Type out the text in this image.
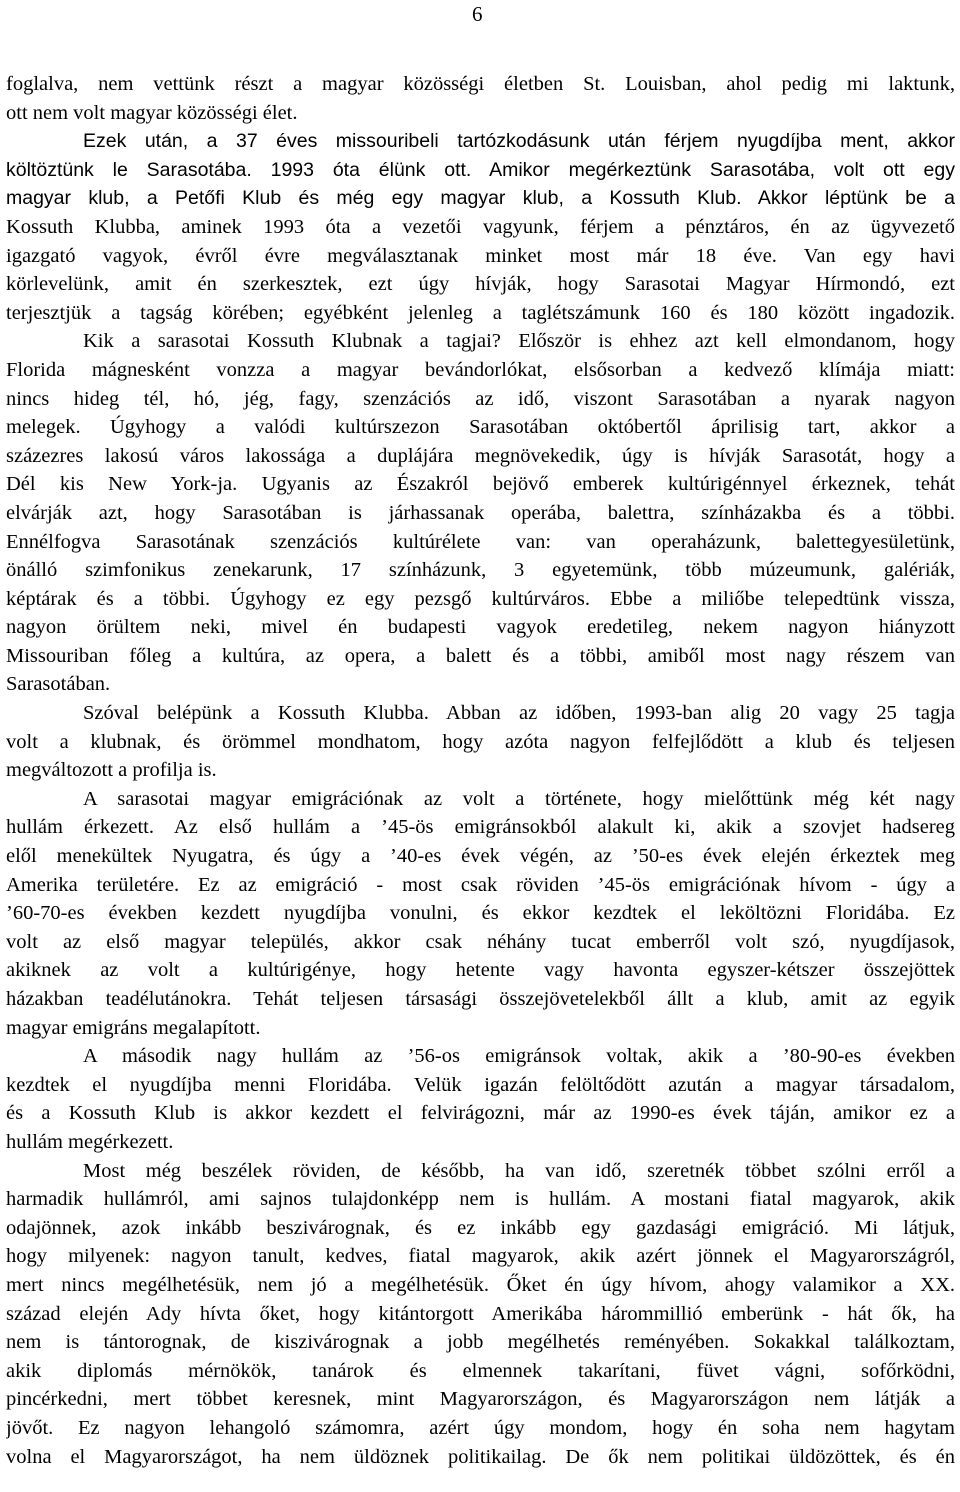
6

foglalva, nem vettünk részt a magyar közösségi életben St. Louisban, ahol pedig mi laktunk,

ott nem volt magyar közösségi élet.

Ezek után, a 37 éves missouribeli tartózkodásunk után férjem nyugdíjba ment, akkor

költöztünk le Sarasotába. 1993 óta élünk ott. Amikor megérkeztünk Sarasotába, volt ott egy

magyar klub, a Petőfi Klub és még egy magyar klub, a Kossuth Klub. Akkor léptünk be a

Kossuth Klubba, aminek 1993 óta a vezetői vagyunk, férjem a pénztáros, én az ügyvezető

igazgató vagyok, évről évre megválasztanak minket most már 18 éve. Van egy havi

körlevelünk, amit én szerkesztek, ezt úgy hívják, hogy Sarasotai Magyar Hírmondó, ezt

terjesztjük a tagság körében; egyébként jelenleg a taglétszámunk 160 és 180 között ingadozik.

Kik a sarasotai Kossuth Klubnak a tagjai? Először is ehhez azt kell elmondanom, hogy

Florida mágnesként vonzza a magyar bevándorlókat, elsősorban a kedvező klímája miatt:

nincs hideg tél, hó, jég, fagy, szenzációs az idő, viszont Sarasotában a nyarak nagyon

melegek. Úgyhogy a valódi kultúrszezon Sarasotában októbertől áprilisig tart, akkor a

százezres lakosú város lakossága a duplájára megnövekedik, úgy is hívják Sarasotát, hogy a

Dél kis New York-ja. Ugyanis az Északról bejövő emberek kultúrigénnyel érkeznek, tehát

elvárják azt, hogy Sarasotában is járhassanak operába, balettra, színházakba és a többi.

Ennélfogva Sarasotának szenzációs kultúrélete van: van operaházunk, balettegyesületünk,

önálló szimfonikus zenekarunk, 17 színházunk, 3 egyetemünk, több múzeumunk, galériák,

képtárak és a többi. Úgyhogy ez egy pezsgő kultúrváros. Ebbe a miliőbe telepedtünk vissza,

nagyon örültem neki, mivel én budapesti vagyok eredetileg, nekem nagyon hiányzott

Missouriban főleg a kultúra, az opera, a balett és a többi, amiből most nagy részem van

Sarasotában.

Szóval belépünk a Kossuth Klubba. Abban az időben, 1993-ban alig 20 vagy 25 tagja

volt a klubnak, és örömmel mondhatom, hogy azóta nagyon felfejlődött a klub és teljesen

megváltozott a profilja is.

A sarasotai magyar emigrációnak az volt a története, hogy mielőttünk még két nagy

hullám érkezett. Az első hullám a ’45-ös emigránsokból alakult ki, akik a szovjet hadsereg

elől menekültek Nyugatra, és úgy a ’40-es évek végén, az ’50-es évek elején érkeztek meg

Amerika területére. Ez az emigráció - most csak röviden ’45-ös emigrációnak hívom - úgy a

’60-70-es években kezdett nyugdíjba vonulni, és ekkor kezdtek el leköltözni Floridába. Ez

volt az első magyar település, akkor csak néhány tucat emberről volt szó, nyugdíjasok,

akiknek az volt a kultúrigénye, hogy hetente vagy havonta egyszer-kétszer összejöttek

házakban teadélutánokra. Tehát teljesen társasági összejövetelekből állt a klub, amit az egyik

magyar emigráns megalapított.

A második nagy hullám az ’56-os emigránsok voltak, akik a ’80-90-es években

kezdtek el nyugdíjba menni Floridába. Velük igazán felöltődött azután a magyar társadalom,

és a Kossuth Klub is akkor kezdett el felvirágozni, már az 1990-es évek táján, amikor ez a

hullám megérkezett.

Most még beszélek röviden, de később, ha van idő, szeretnék többet szólni erről a

harmadik hullámról, ami sajnos tulajdonképp nem is hullám. A mostani fiatal magyarok, akik

odajönnek, azok inkább beszivárognak, és ez inkább egy gazdasági emigráció. Mi látjuk,

hogy milyenek: nagyon tanult, kedves, fiatal magyarok, akik azért jönnek el Magyarországról,

mert nincs megélhetésük, nem jó a megélhetésük. Őket én úgy hívom, ahogy valamikor a XX.

század elején Ady hívta őket, hogy kitántorgott Amerikába hárommillió emberünk - hát ők, ha

nem is tántorognak, de kiszivárognak a jobb megélhetés reményében. Sokakkal találkoztam,

akik diplomás mérnökök, tanárok és elmennek takarítani, füvet vágni, sofőrködni,

pincérkedni, mert többet keresnek, mint Magyarországon, és Magyarországon nem látják a

jövőt. Ez nagyon lehangoló számomra, azért úgy mondom, hogy én soha nem hagytam

volna el Magyarországot, ha nem üldöznek politikailag. De ők nem politikai üldözöttek, és én
